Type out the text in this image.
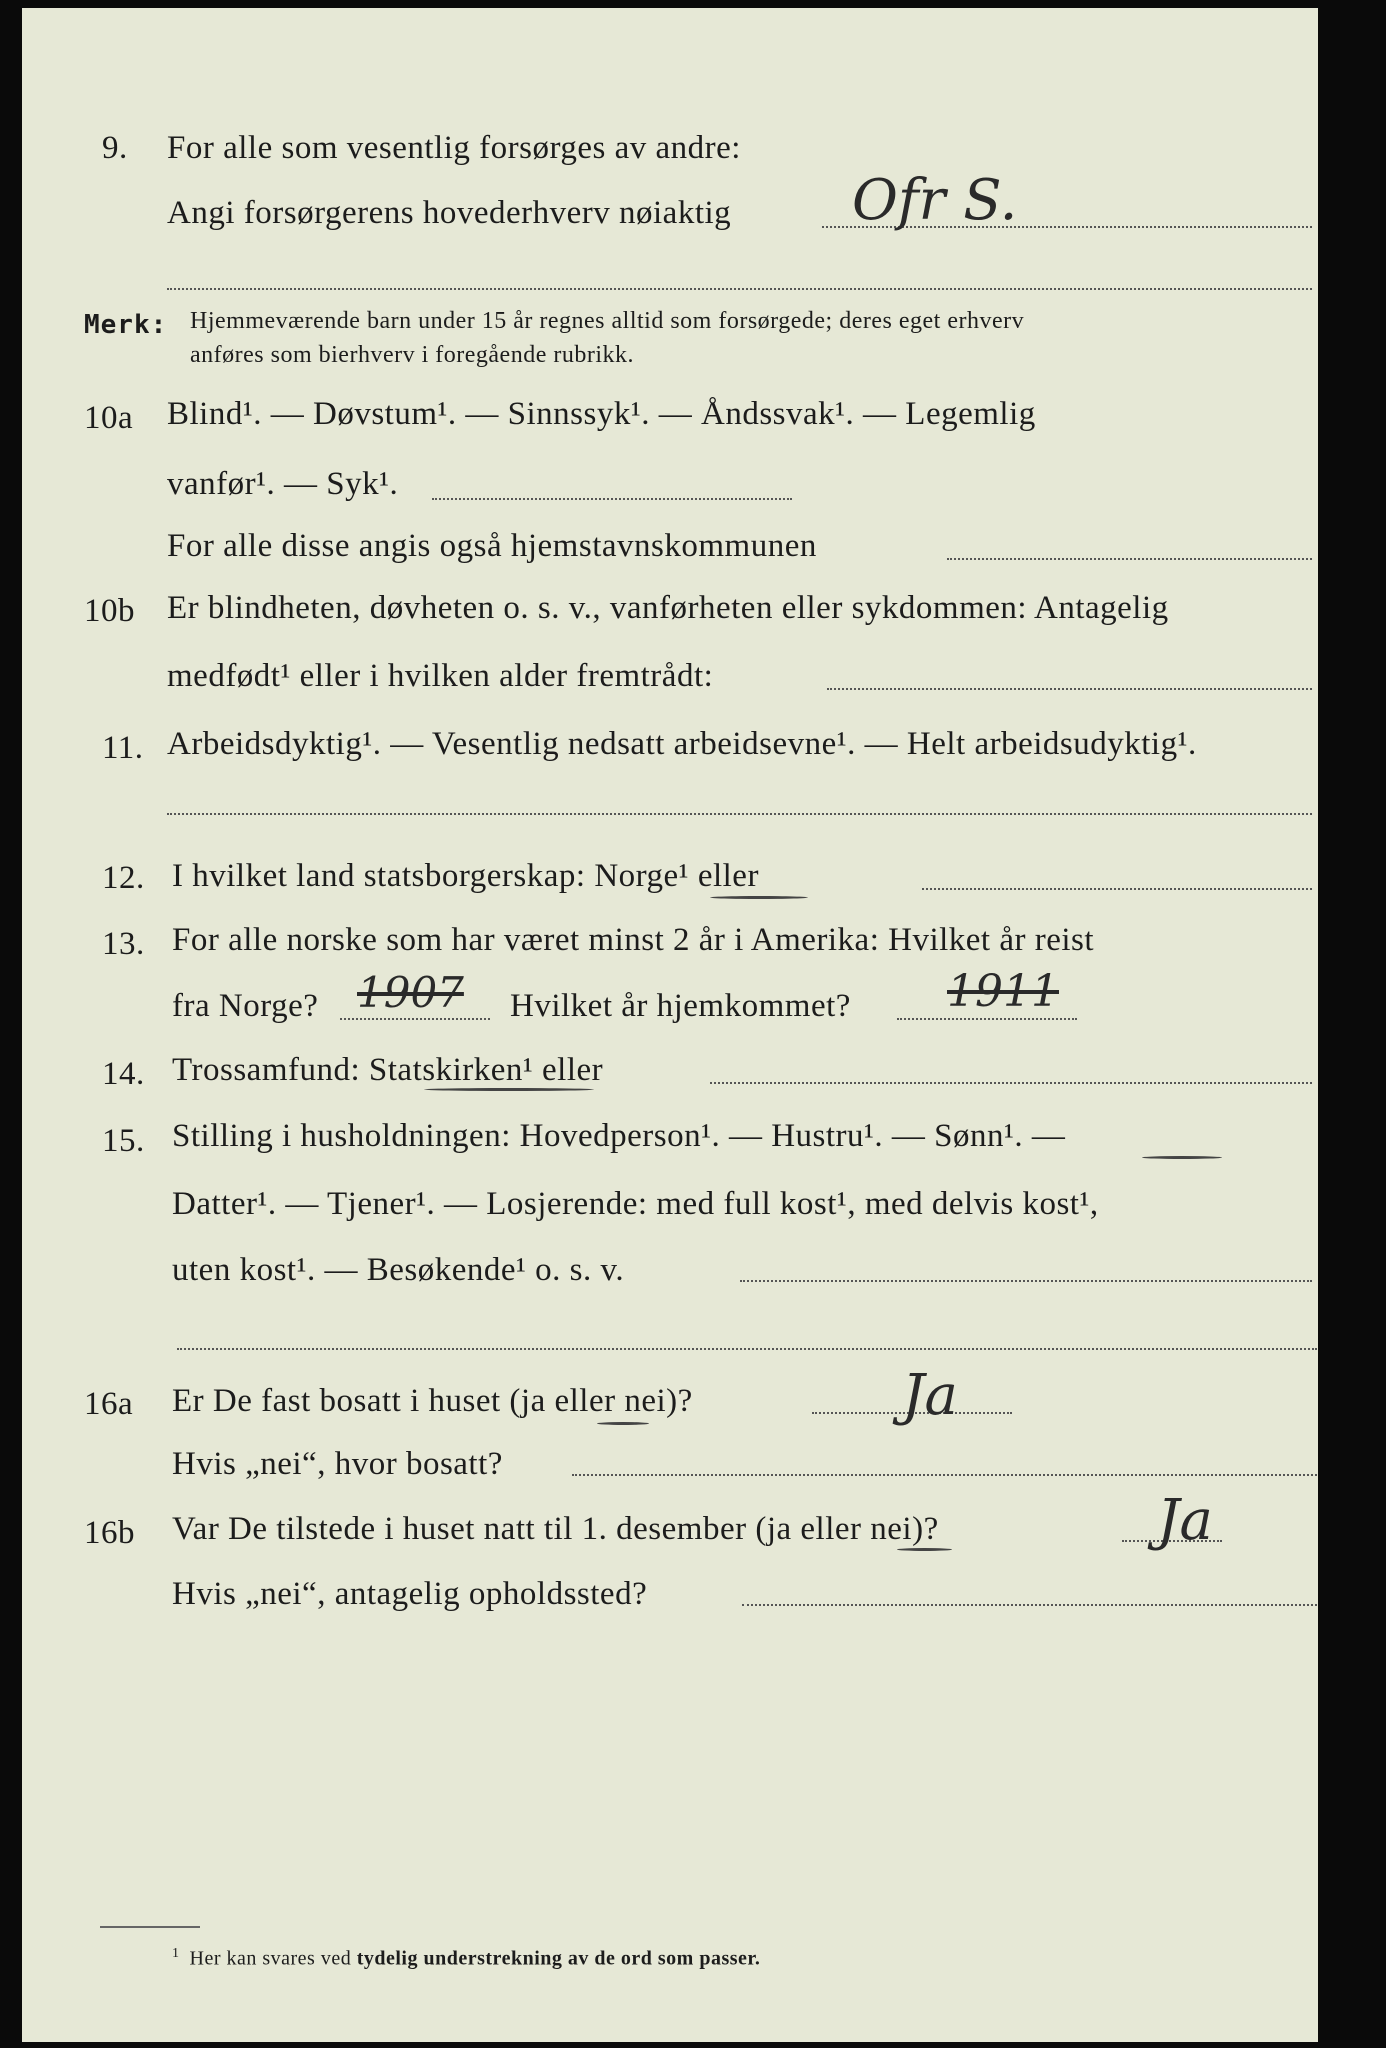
9. For alle som vesentlig forsørges av andre:
Angi forsørgerens hovederhverv nøiaktig Ofr S.
Merk: Hjemmeværende barn under 15 år regnes alltid som forsørgede; deres eget erhverv
anføres som bierhverv i foregående rubrikk.
10a Blind¹. — Døvstum¹. — Sinnssyk¹. — Åndssvak¹. — Legemlig
vanfør¹. — Syk¹.
For alle disse angis også hjemstavnskommunen
10b Er blindheten, døvheten o. s. v., vanførheten eller sykdommen: Antagelig
medfødt¹ eller i hvilken alder fremtrådt:
11. Arbeidsdyktig¹. — Vesentlig nedsatt arbeidsevne¹. — Helt arbeidsudyktig¹.
12. I hvilket land statsborgerskap: Norge¹ eller
13. For alle norske som har været minst 2 år i Amerika: Hvilket år reist
fra Norge? 1907 Hvilket år hjemkommet? 1911
14. Trossamfund: Statskirken¹ eller
15. Stilling i husholdningen: Hovedperson¹. — Hustru¹. — Sønn¹. —
Datter¹. — Tjener¹. — Losjerende: med full kost¹, med delvis kost¹,
uten kost¹. — Besøkende¹ o. s. v.
16a Er De fast bosatt i huset (ja eller nei)?	Ja
Hvis „nei“, hvor bosatt?
16b Var De tilstede i huset natt til 1. desember (ja eller nei)?	Ja
Hvis „nei“, antagelig opholdssted?
$^1$ Her kan svares ved tydelig understrekning av de ord som passer.
